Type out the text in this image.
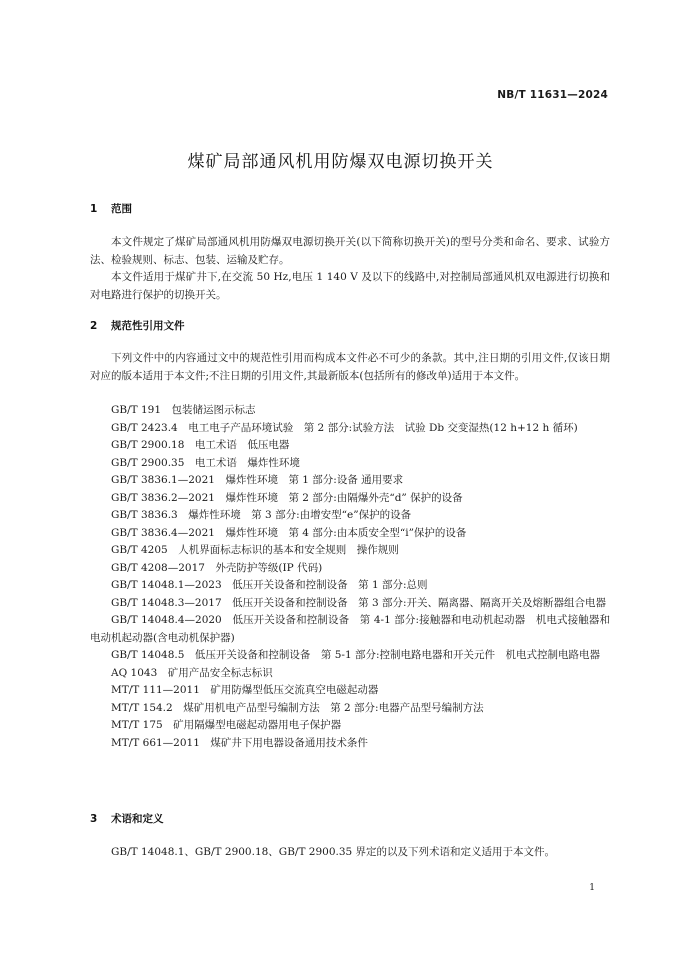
NB/T 11631—2024
煤矿局部通风机用防爆双电源切换开关
1 范围

本文件规定了煤矿局部通风机用防爆双电源切换开关(以下简称切换开关)的型号分类和命名、要求、试验方法、检验规则、标志、包装、运输及贮存。

本文件适用于煤矿井下,在交流 50 Hz,电压 1 140 V 及以下的线路中,对控制局部通风机双电源进行切换和对电路进行保护的切换开关。

2 规范性引用文件

下列文件中的内容通过文中的规范性引用而构成本文件必不可少的条款。其中,注日期的引用文件,仅该日期对应的版本适用于本文件;不注日期的引用文件,其最新版本(包括所有的修改单)适用于本文件。

GB/T 191　包装储运图示标志
GB/T 2423.4　电工电子产品环境试验　第 2 部分:试验方法　试验 Db 交变湿热(12 h+12 h 循环)
GB/T 2900.18　电工术语　低压电器
GB/T 2900.35　电工术语　爆炸性环境
GB/T 3836.1—2021　爆炸性环境　第 1 部分:设备 通用要求
GB/T 3836.2—2021　爆炸性环境　第 2 部分:由隔爆外壳“d” 保护的设备
GB/T 3836.3　爆炸性环境　第 3 部分:由增安型“e”保护的设备
GB/T 3836.4—2021　爆炸性环境　第 4 部分:由本质安全型“i”保护的设备
GB/T 4205　人机界面标志标识的基本和安全规则　操作规则
GB/T 4208—2017　外壳防护等级(IP 代码)
GB/T 14048.1—2023　低压开关设备和控制设备　第 1 部分:总则
GB/T 14048.3—2017　低压开关设备和控制设备　第 3 部分:开关、隔离器、隔离开关及熔断器组合电器
GB/T 14048.4—2020　低压开关设备和控制设备　第 4-1 部分:接触器和电动机起动器　机电式接触器和电动机起动器(含电动机保护器)
GB/T 14048.5　低压开关设备和控制设备　第 5-1 部分:控制电路电器和开关元件　机电式控制电路电器
AQ 1043　矿用产品安全标志标识
MT/T 111—2011　矿用防爆型低压交流真空电磁起动器
MT/T 154.2　煤矿用机电产品型号编制方法　第 2 部分:电器产品型号编制方法
MT/T 175　矿用隔爆型电磁起动器用电子保护器
MT/T 661—2011　煤矿井下用电器设备通用技术条件
3 术语和定义

GB/T 14048.1、GB/T 2900.18、GB/T 2900.35 界定的以及下列术语和定义适用于本文件。

1
